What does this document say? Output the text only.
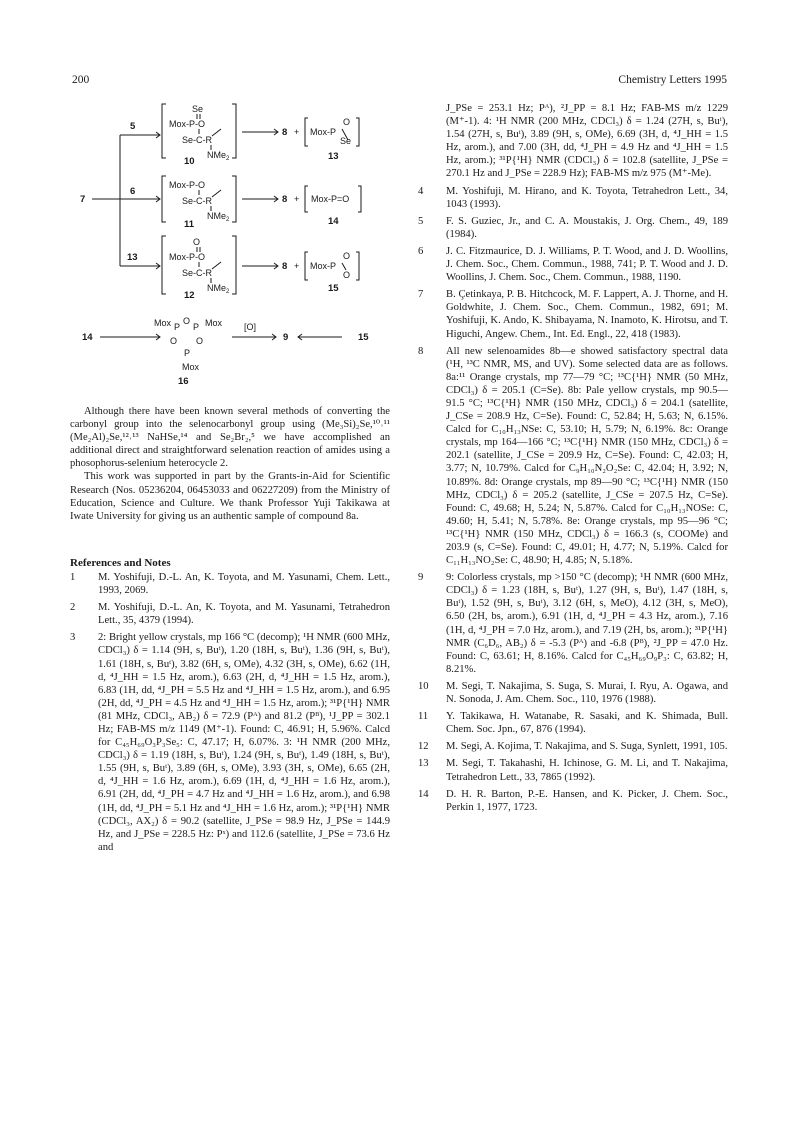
200	Chemistry Letters 1995
7
5
6
13
Se
Mox-P-O
Se-C-R
NMe 2
10
8 + Mox-P
O
Se
13
Mox-P-O
Se-C-R
NMe 2
11
8 + Mox-P=O
14
O
Mox-P-O
Se-C-R
NMe 2
12
8 + Mox-P
O
O
15
14
Mox P
O
P Mox
O O
P
Mox
16
[O]
9	15

Although there have been known several methods of converting the carbonyl group into the selenocarbonyl group using (Me₃Si)₂Se,¹⁰˒¹¹ (Me₂Al)₂Se,¹²˒¹³ NaHSe,¹⁴ and Se₂Br₂,⁵ we have accomplished an additional direct and straightforward selenation reaction of amides using a phosophorus-selenium heterocycle 2.

This work was supported in part by the Grants-in-Aid for Scientific Research (Nos. 05236204, 06453033 and 06227209) from the Ministry of Education, Science and Culture. We thank Professor Yuji Takikawa at Iwate University for giving us an authentic sample of compound 8a.

References and Notes
1	M. Yoshifuji, D.-L. An, K. Toyota, and M. Yasunami, Chem. Lett., 1993, 2069.
2	M. Yoshifuji, D.-L. An, K. Toyota, and M. Yasunami, Tetrahedron Lett., 35, 4379 (1994).
3	2: Bright yellow crystals, mp 166 °C (decomp); ¹H NMR (600 MHz, CDCl₃) δ = 1.14 (9H, s, Buᵗ), 1.20 (18H, s, Buᵗ), 1.36 (9H, s, Buᵗ), 1.61 (18H, s, Buᵗ), 3.82 (6H, s, OMe), 4.32 (3H, s, OMe), 6.62 (1H, d, ⁴J_HH = 1.5 Hz, arom.), 6.63 (2H, d, ⁴J_HH = 1.5 Hz, arom.), 6.83 (1H, dd, ⁴J_PH = 5.5 Hz and ⁴J_HH = 1.5 Hz, arom.), and 6.95 (2H, dd, ⁴J_PH = 4.5 Hz and ⁴J_HH = 1.5 Hz, arom.); ³¹P{¹H} NMR (81 MHz, CDCl₃, AB₂) δ = 72.9 (Pᴬ) and 81.2 (Pᴮ), ¹J_PP = 302.1 Hz; FAB-MS m/z 1149 (M⁺-1). Found: C, 46.91; H, 5.96%. Calcd for C₄₅H₆₉O₃P₃Se₅: C, 47.17; H, 6.07%. 3: ¹H NMR (200 MHz, CDCl₃) δ = 1.19 (18H, s, Buᵗ), 1.24 (9H, s, Buᵗ), 1.49 (18H, s, Buᵗ), 1.55 (9H, s, Buᵗ), 3.89 (6H, s, OMe), 3.93 (3H, s, OMe), 6.65 (2H, d, ⁴J_HH = 1.6 Hz, arom.), 6.69 (1H, d, ⁴J_HH = 1.6 Hz, arom.), 6.91 (2H, dd, ⁴J_PH = 4.7 Hz and ⁴J_HH = 1.6 Hz, arom.), and 6.98 (1H, dd, ⁴J_PH = 5.1 Hz and ⁴J_HH = 1.6 Hz, arom.); ³¹P{¹H} NMR (CDCl₃, AX₂) δ = 90.2 (satellite, J_PSe = 98.9 Hz, J_PSe = 144.9 Hz, and J_PSe = 228.5 Hz: Pˣ) and 112.6 (satellite, J_PSe = 73.6 Hz and
J_PSe = 253.1 Hz; Pᴬ), ²J_PP = 8.1 Hz; FAB-MS m/z 1229 (M⁺-1). 4: ¹H NMR (200 MHz, CDCl₃) δ = 1.24 (27H, s, Buᵗ), 1.54 (27H, s, Buᵗ), 3.89 (9H, s, OMe), 6.69 (3H, d, ⁴J_HH = 1.5 Hz, arom.), and 7.00 (3H, dd, ⁴J_PH = 4.9 Hz and ⁴J_HH = 1.5 Hz, arom.); ³¹P{¹H} NMR (CDCl₃) δ = 102.8 (satellite, J_PSe = 270.1 Hz and J_PSe = 228.9 Hz); FAB-MS m/z 975 (M⁺-Me).
4	M. Yoshifuji, M. Hirano, and K. Toyota, Tetrahedron Lett., 34, 1043 (1993).
5	F. S. Guziec, Jr., and C. A. Moustakis, J. Org. Chem., 49, 189 (1984).
6	J. C. Fitzmaurice, D. J. Williams, P. T. Wood, and J. D. Woollins, J. Chem. Soc., Chem. Commun., 1988, 741; P. T. Wood and J. D. Woollins, J. Chem. Soc., Chem. Commun., 1988, 1190.
7	B. Çetinkaya, P. B. Hitchcock, M. F. Lappert, A. J. Thorne, and H. Goldwhite, J. Chem. Soc., Chem. Commun., 1982, 691; M. Yoshifuji, K. Ando, K. Shibayama, N. Inamoto, K. Hirotsu, and T. Higuchi, Angew. Chem., Int. Ed. Engl., 22, 418 (1983).
8	All new selenoamides 8b—e showed satisfactory spectral data (¹H, ¹³C NMR, MS, and UV). Some selected data are as follows. 8a:¹¹ Orange crystals, mp 77—79 °C; ¹³C{¹H} NMR (50 MHz, CDCl₃) δ = 205.1 (C=Se). 8b: Pale yellow crystals, mp 90.5—91.5 °C; ¹³C{¹H} NMR (150 MHz, CDCl₃) δ = 204.1 (satellite, J_CSe = 208.9 Hz, C=Se). Found: C, 52.84; H, 5.63; N, 6.15%. Calcd for C₁₀H₁₃NSe: C, 53.10; H, 5.79; N, 6.19%. 8c: Orange crystals, mp 164—166 °C; ¹³C{¹H} NMR (150 MHz, CDCl₃) δ = 202.1 (satellite, J_CSe = 209.9 Hz, C=Se). Found: C, 42.03; H, 3.77; N, 10.79%. Calcd for C₉H₁₀N₂O₂Se: C, 42.04; H, 3.92; N, 10.89%. 8d: Orange crystals, mp 89—90 °C; ¹³C{¹H} NMR (150 MHz, CDCl₃) δ = 205.2 (satellite, J_CSe = 207.5 Hz, C=Se). Found: C, 49.68; H, 5.24; N, 5.87%. Calcd for C₁₀H₁₃NOSe: C, 49.60; H, 5.41; N, 5.78%. 8e: Orange crystals, mp 95—96 °C; ¹³C{¹H} NMR (150 MHz, CDCl₃) δ = 166.3 (s, COOMe) and 203.9 (s, C=Se). Found: C, 49.01; H, 4.77; N, 5.19%. Calcd for C₁₁H₁₃NO₂Se: C, 48.90; H, 4.85; N, 5.18%.
9	9: Colorless crystals, mp >150 °C (decomp); ¹H NMR (600 MHz, CDCl₃) δ = 1.23 (18H, s, Buᵗ), 1.27 (9H, s, Buᵗ), 1.47 (18H, s, Buᵗ), 1.52 (9H, s, Buᵗ), 3.12 (6H, s, MeO), 4.12 (3H, s, MeO), 6.50 (2H, bs, arom.), 6.91 (1H, d, ⁴J_PH = 4.3 Hz, arom.), 7.16 (1H, d, ⁴J_PH = 7.0 Hz, arom.), and 7.19 (2H, bs, arom.); ³¹P{¹H} NMR (C₆D₆, AB₂) δ = -5.3 (Pᴬ) and -6.8 (Pᴮ), ²J_PP = 47.0 Hz. Found: C, 63.61; H, 8.16%. Calcd for C₄₅H₆₉O₉P₃: C, 63.82; H, 8.21%.
10	M. Segi, T. Nakajima, S. Suga, S. Murai, I. Ryu, A. Ogawa, and N. Sonoda, J. Am. Chem. Soc., 110, 1976 (1988).
11	Y. Takikawa, H. Watanabe, R. Sasaki, and K. Shimada, Bull. Chem. Soc. Jpn., 67, 876 (1994).
12	M. Segi, A. Kojima, T. Nakajima, and S. Suga, Synlett, 1991, 105.
13	M. Segi, T. Takahashi, H. Ichinose, G. M. Li, and T. Nakajima, Tetrahedron Lett., 33, 7865 (1992).
14	D. H. R. Barton, P.-E. Hansen, and K. Picker, J. Chem. Soc., Perkin 1, 1977, 1723.
